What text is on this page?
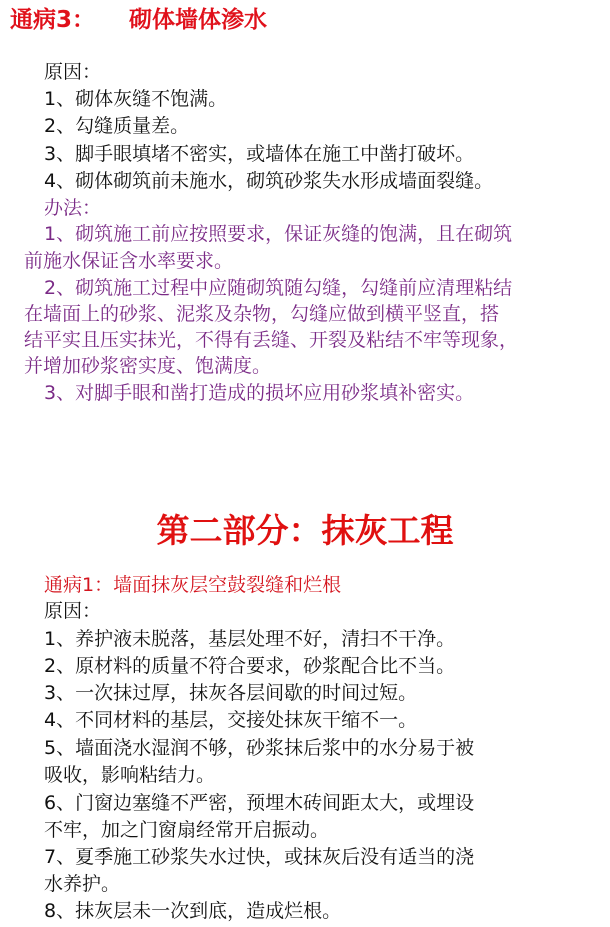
通病3： 砌体墙体渗水
原因：
1、砌体灰缝不饱满。
2、勾缝质量差。
3、脚手眼填堵不密实，或墙体在施工中凿打破坏。
4、砌体砌筑前未施水，砌筑砂浆失水形成墙面裂缝。
办法：
1、砌筑施工前应按照要求，保证灰缝的饱满，且在砌筑
前施水保证含水率要求。
2、砌筑施工过程中应随砌筑随勾缝，勾缝前应清理粘结
在墙面上的砂浆、泥浆及杂物，勾缝应做到横平竖直，搭
结平实且压实抹光，不得有丢缝、开裂及粘结不牢等现象，
并增加砂浆密实度、饱满度。
3、对脚手眼和凿打造成的损坏应用砂浆填补密实。
第二部分：抹灰工程
通病1：墙面抹灰层空鼓裂缝和烂根
原因：
1、养护液未脱落，基层处理不好，清扫不干净。
2、原材料的质量不符合要求，砂浆配合比不当。
3、一次抹过厚，抹灰各层间歇的时间过短。
4、不同材料的基层，交接处抹灰干缩不一。
5、墙面浇水湿润不够，砂浆抹后浆中的水分易于被
吸收，影响粘结力。
6、门窗边塞缝不严密，预埋木砖间距太大，或埋设
不牢，加之门窗扇经常开启振动。
7、夏季施工砂浆失水过快，或抹灰后没有适当的浇
水养护。
8、抹灰层未一次到底，造成烂根。
